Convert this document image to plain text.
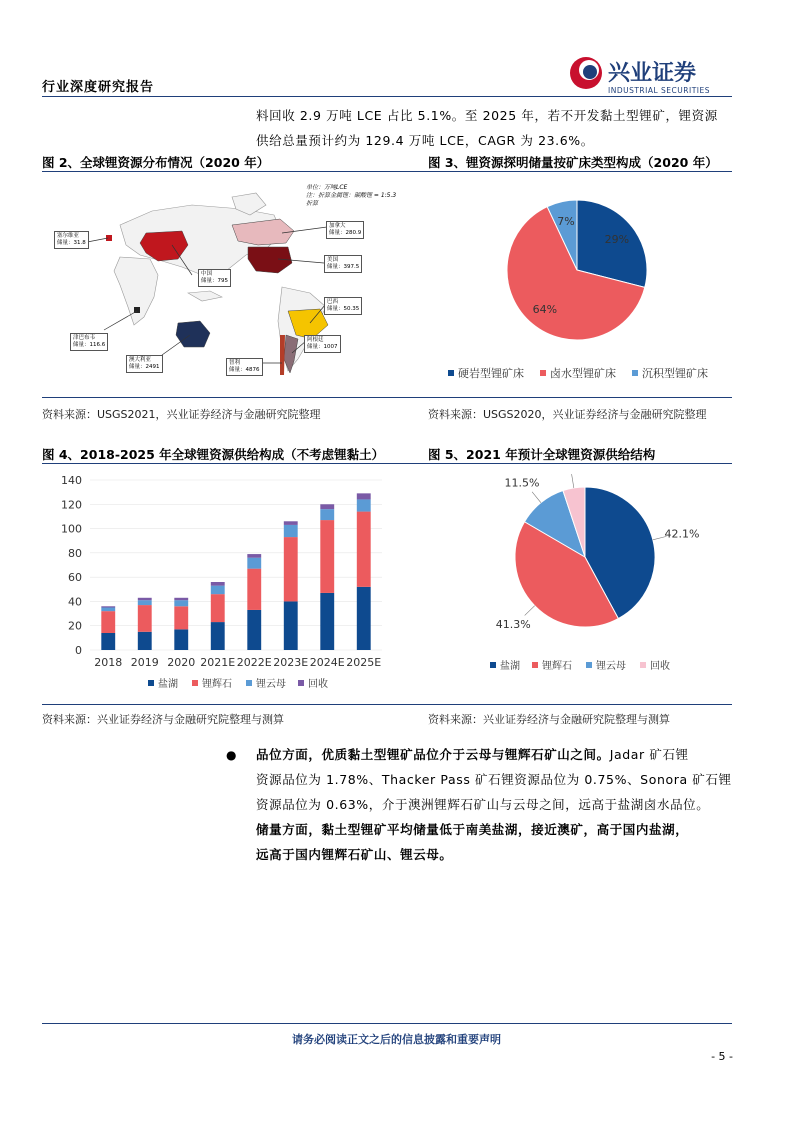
行业深度研究报告
兴业证券
INDUSTRIAL SECURITIES
料回收 2.9 万吨 LCE 占比 5.1%。至 2025 年，若不开发黏土型锂矿，锂资源
供给总量预计约为 129.4 万吨 LCE，CAGR 为 23.6%。
图 2、全球锂资源分布情况（2020 年）	图 3、锂资源探明储量按矿床类型构成（2020 年）
单位：万吨LCE
注：折算金属锂：碳酸锂 = 1:5.3
折算
塞尔维亚
储量：31.8
中国
储量：795
津巴布韦
储量：116.6
澳大利亚
储量：2491
智利
储量：4876
加拿大
储量：280.9
美国
储量：397.5
巴西
储量：50.35
阿根廷
储量：1007
29%
64%
7%
硬岩型锂矿床 卤水型锂矿床 沉积型锂矿床
资料来源：USGS2021，兴业证券经济与金融研究院整理	资料来源：USGS2020，兴业证券经济与金融研究院整理
图 4、2018-2025 年全球锂资源供给构成（不考虑锂黏土）	图 5、2021 年预计全球锂资源供给结构
0
20
40
60
80
100
120
140
2018 2019 2020 2021E 2022E 2023E 2024E 2025E
盐湖 锂辉石 锂云母 回收
42.1%
41.3%
11.5%
盐湖 锂辉石 锂云母 回收
资料来源：兴业证券经济与金融研究院整理与测算	资料来源：兴业证券经济与金融研究院整理与测算
● 品位方面，优质黏土型锂矿品位介于云母与锂辉石矿山之间。Jadar 矿石锂
资源品位为 1.78%、Thacker Pass 矿石锂资源品位为 0.75%、Sonora 矿石锂
资源品位为 0.63%，介于澳洲锂辉石矿山与云母之间，远高于盐湖卤水品位。
储量方面，黏土型锂矿平均储量低于南美盐湖，接近澳矿，高于国内盐湖，
远高于国内锂辉石矿山、锂云母。
请务必阅读正文之后的信息披露和重要声明
- 5 -
